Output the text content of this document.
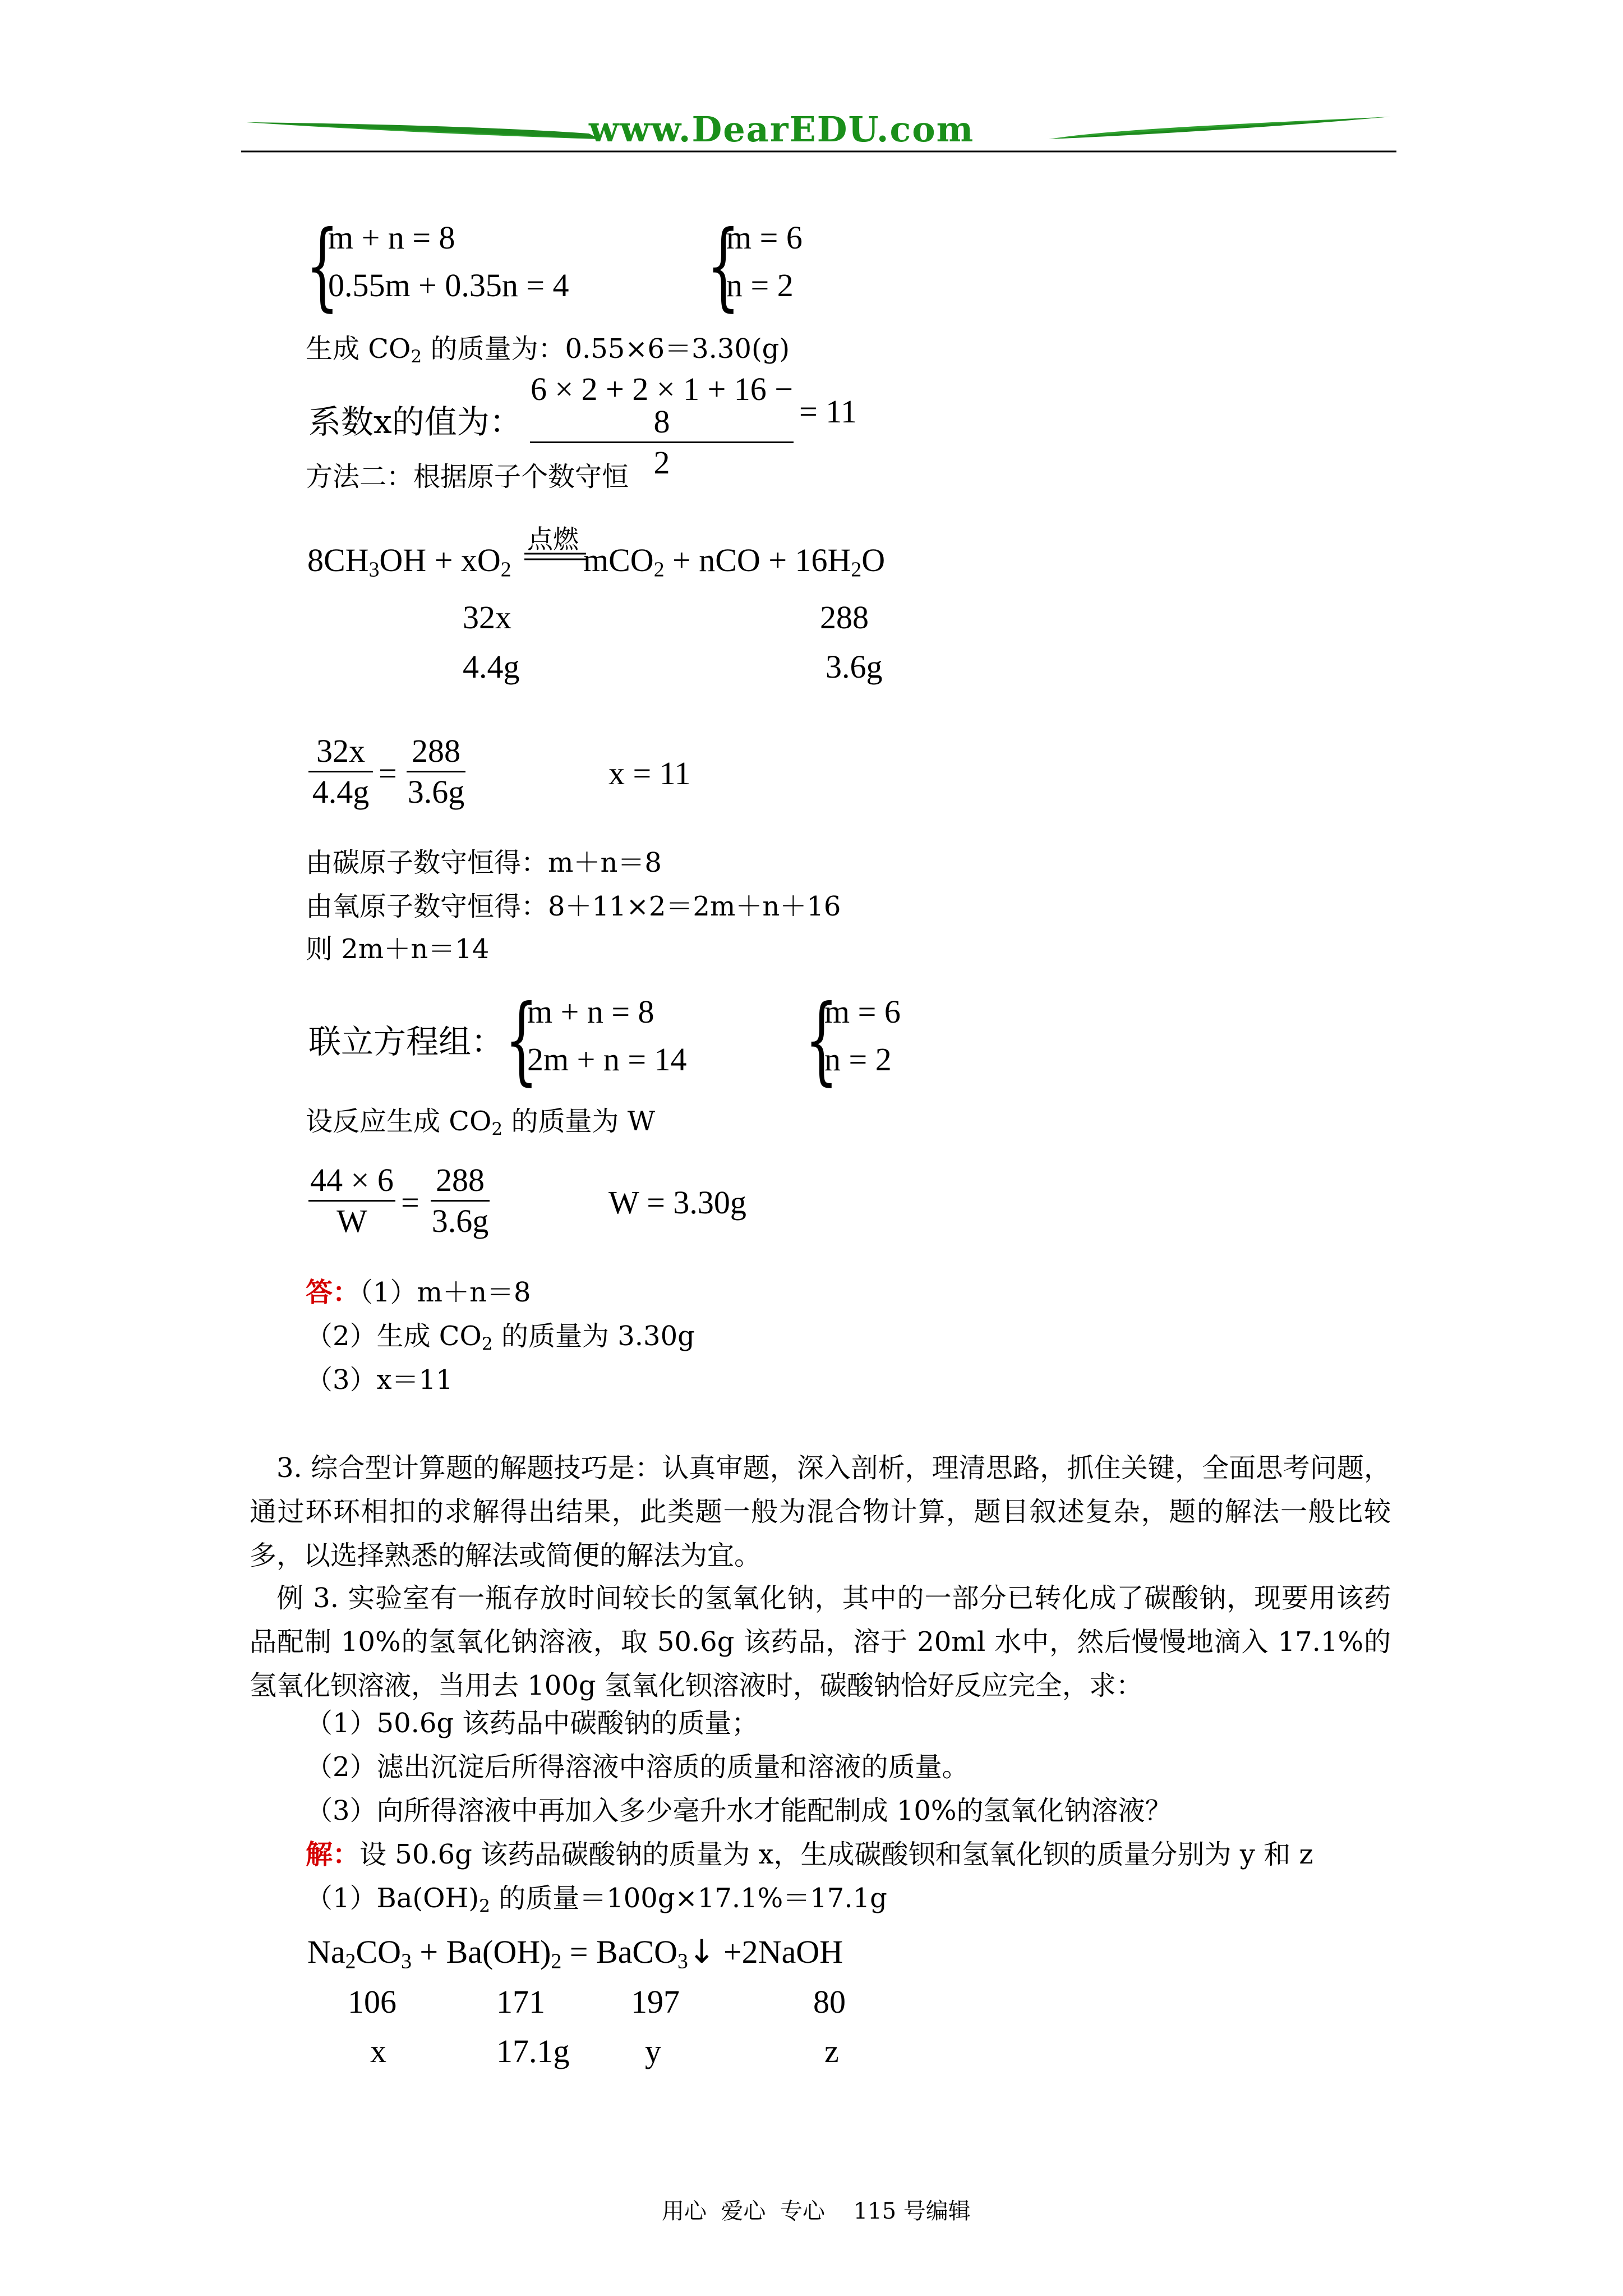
www.DearEDU.com
{
m + n = 8
0.55m + 0.35n = 4 {
m = 6
n = 2
生成 $CO_2$ 的质量为：0.55×6＝3.30(g)
系数x的值为：
6 × 2 + 2 × 1 + 16 − 8
2
= 11
方法二：根据原子个数守恒
点燃
$8CH_3OH + xO_2$ mCO$_2$ + nCO + $16H_2O$
32x	288
4.4g	3.6g
32x
4.4g
=
288
3.6g
x = 11
由碳原子数守恒得：m＋n＝8
由氧原子数守恒得：8＋11×2＝2m＋n＋16
则 2m＋n＝14
联立方程组： {
m + n = 8
2m + n = 14 {
m = 6
n = 2
设反应生成 $CO_2$ 的质量为 W
44 × 6
W
=
288
3.6g
W = 3.30g
答：（1）m＋n＝8
（2）生成 $CO_2$ 的质量为 3.30g
（3）x＝11
3. 综合型计算题的解题技巧是：认真审题，深入剖析，理清思路，抓住关键，全面思考问题，通过环环相扣的求解得出结果，此类题一般为混合物计算，题目叙述复杂，题的解法一般比较多，以选择熟悉的解法或简便的解法为宜。
例 3. 实验室有一瓶存放时间较长的氢氧化钠，其中的一部分已转化成了碳酸钠，现要用该药品配制 10%的氢氧化钠溶液，取 50.6g 该药品，溶于 20ml 水中，然后慢慢地滴入 17.1%的氢氧化钡溶液，当用去 100g 氢氧化钡溶液时，碳酸钠恰好反应完全，求：
（1）50.6g 该药品中碳酸钠的质量；
（2）滤出沉淀后所得溶液中溶质的质量和溶液的质量。
（3）向所得溶液中再加入多少毫升水才能配制成 10%的氢氧化钠溶液？
解：设 50.6g 该药品碳酸钠的质量为 x，生成碳酸钡和氢氧化钡的质量分别为 y 和 z
$(1)Ba(OH)_2$ 的质量＝100g×17.1%＝17.1g
$Na_2CO_3 + Ba(OH)_2$ = BaCO$_3$↓ +2NaOH
106	171	197	80
x	17.1g y	z
用心  爱心  专心    115 号编辑
